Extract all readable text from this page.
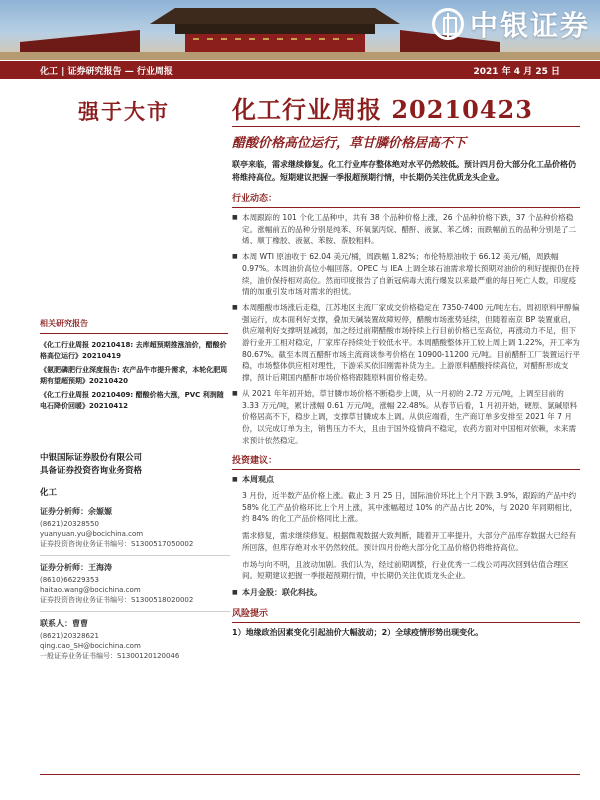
中银证券
化工 | 证券研究报告 — 行业周报	2021 年 4 月 25 日
强于大市	化工行业周报 20210423
醋酸价格高位运行，草甘膦价格居高不下
相关研究报告
《化工行业周报 20210418: 去库超预期推涨油价，醋酸价格高位运行》20210419
《氨肥磷肥行业深度报告: 农产品牛市提升需求，本轮化肥周期有望超预期》20210420
《化工行业周报 20210409: 醋酸价格大涨，PVC 利润随电石降价回暖》20210412
中银国际证券股份有限公司
具备证券投资咨询业务资格
化工
证券分析师：余嫄嫄
(8621)20328550
yuanyuan.yu@bocichina.com
证券投资咨询业务证书编号：S1300517050002
证券分析师：王海涛
(8610)66229353
haitao.wang@bocichina.com
证券投资咨询业务证书编号：S1300518020002
联系人：曹曹
(8621)20328621
qing.cao_SH@bocichina.com
一般证券业务证书编号：S1300120120046
联亭来临，需求继续修复。化工行业库存整体绝对水平仍然较低。预计四月份大部分化工品价格仍将维持高位。短期建议把握一季报超预期行情，中长期仍关注优质龙头企业。
行业动态：
■ 本周跟踪的 101 个化工品种中，共有 38 个品种价格上涨，26 个品种价格下跌，37 个品种价格稳定。涨幅前五的品种分别是纯苯、环氧氯丙烷、醋酐、液氯、苯乙烯；而跌幅前五的品种分别是了二烯、顺丁橡胶、液氨、苯胺、萘胶粗料。
■ 本周 WTI 原油收于 62.04 美元/桶，周跌幅 1.82%；布伦特原油收于 66.12 美元/桶，周跌幅 0.97%。本周油价高位小幅回落。OPEC 与 IEA 上调全球石油需求增长预期对油价的利好提振仍在持续，油价保持相对高位。然而印度报告了自新冠病毒大流行爆发以来最严重的每日死亡人数，印度疫情的加重引发市场对需求的担忧。
■ 本周醋酸市场涨后走稳，江苏地区主流厂家成交价格稳定在 7350-7400 元/吨左右。周初原料甲醇偏强运行，成本面利好支撑，叠加天碱装置故障短停，醋酸市场涨势延续，但随着南京 BP 装置重启，供应端利好支撑明显减弱，加之经过前期醋酸市场持续上行目前价格已至高位，再涨动力不足，但下游行业开工相对稳定，厂家库存持续处于较低水平。本周醋酸整体开工较上周上调 1.22%，开工率为 80.67%。截至本周五醋酐市场主流商谈参考价格在 10900-11200 元/吨。目前醋酐工厂装置运行平稳，市场整体供应相对理性，下游采买依旧刚需补货为主。上游原料醋酸持续高位，对醋酐形成支撑，预计后期国内醋酐市场价格将跟随原料面价格走势。
■ 从 2021 年年初开始，草甘膦市场价格不断稳步上调，从一月初的 2.72 万元/吨，上调至目前的 3.33 万元/吨，累计涨幅 0.61 万元/吨，涨幅 22.48%。从春节后看，1 月初开始，硬原、氯碱原料价格居高不下，稳步上调，支撑草甘膦成本上调。从供应端看，生产商订单多安排至 2021 年 7 月份，以完成订单为主，销售压力不大，且由于国外疫情尚不稳定，农药方面对中国相对依赖，未来需求预计依然稳定。
投资建议：
■ 本周观点
3 月份，近半数产品价格上涨。截止 3 月 25 日，国际油价环比上个月下跌 3.9%，跟踪的产品中约 58% 化工产品价格环比上个月上涨，其中涨幅超过 10% 的产品占比 20%，与 2020 年同期相比，约 84% 的化工产品价格同比上涨。
需求修复，需求继续修复。根据微观数据大致判断，随着开工率提升，大部分产品库存数据大已经有所回落，但库存绝对水平仍然较低。预计四月份绝大部分化工品价格仍将维持高位。
市场与向不明，且波动加剧。我们认为，经过前期调整，行业优秀一二线公司再次回到估值合理区间。短期建议把握一季报超预期行情，中长期仍关注优质龙头企业。
■ 本月金股：联化科技。
风险提示
1）地缘政治因素变化引起油价大幅波动；2）全球疫情形势出现变化。
